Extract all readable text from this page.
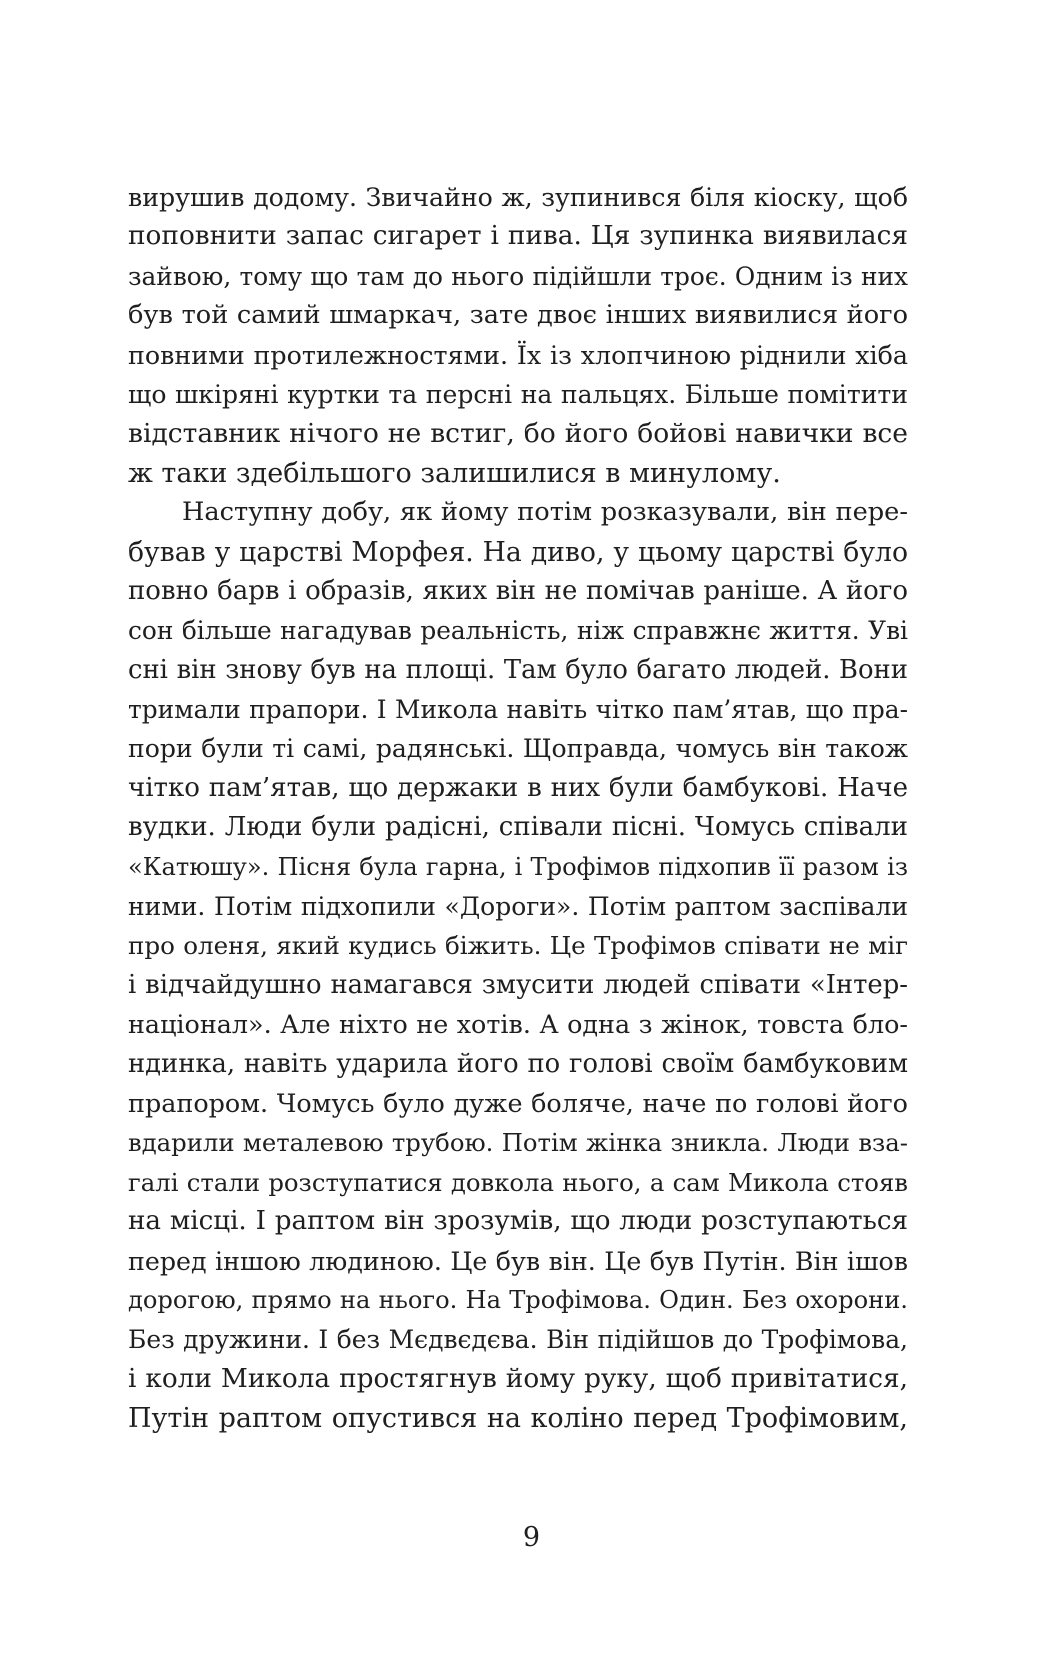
вирушив додому. Звичайно ж, зупинився біля кіоску, щоб
поповнити запас сигарет і пива. Ця зупинка виявилася
зайвою, тому що там до нього підійшли троє. Одним із них
був той самий шмаркач, зате двоє інших виявилися його
повними протилежностями. Їх із хлопчиною ріднили хіба
що шкіряні куртки та персні на пальцях. Більше помітити
відставник нічого не встиг, бо його бойові навички все
ж таки здебільшого залишилися в минулому.
Наступну добу, як йому потім розказували, він пере-
бував у царстві Морфея. На диво, у цьому царстві було
повно барв і образів, яких він не помічав раніше. А його
сон більше нагадував реальність, ніж справжнє життя. Уві
сні він знову був на площі. Там було багато людей. Вони
тримали прапори. І Микола навіть чітко пам’ятав, що пра-
пори були ті самі, радянські. Щоправда, чомусь він також
чітко пам’ятав, що держаки в них були бамбукові. Наче
вудки. Люди були радісні, співали пісні. Чомусь співали
«Катюшу». Пісня була гарна, і Трофімов підхопив її разом із
ними. Потім підхопили «Дороги». Потім раптом заспівали
про оленя, який кудись біжить. Це Трофімов співати не міг
і відчайдушно намагався змусити людей співати «Інтер-
націонал». Але ніхто не хотів. А одна з жінок, товста бло-
ндинка, навіть ударила його по голові своїм бамбуковим
прапором. Чомусь було дуже боляче, наче по голові його
вдарили металевою трубою. Потім жінка зникла. Люди вза-
галі стали розступатися довкола нього, а сам Микола стояв
на місці. І раптом він зрозумів, що люди розступаються
перед іншою людиною. Це був він. Це був Путін. Він ішов
дорогою, прямо на нього. На Трофімова. Один. Без охорони.
Без дружини. І без Мєдвєдєва. Він підійшов до Трофімова,
і коли Микола простягнув йому руку, щоб привітатися,
Путін раптом опустився на коліно перед Трофімовим,
9
